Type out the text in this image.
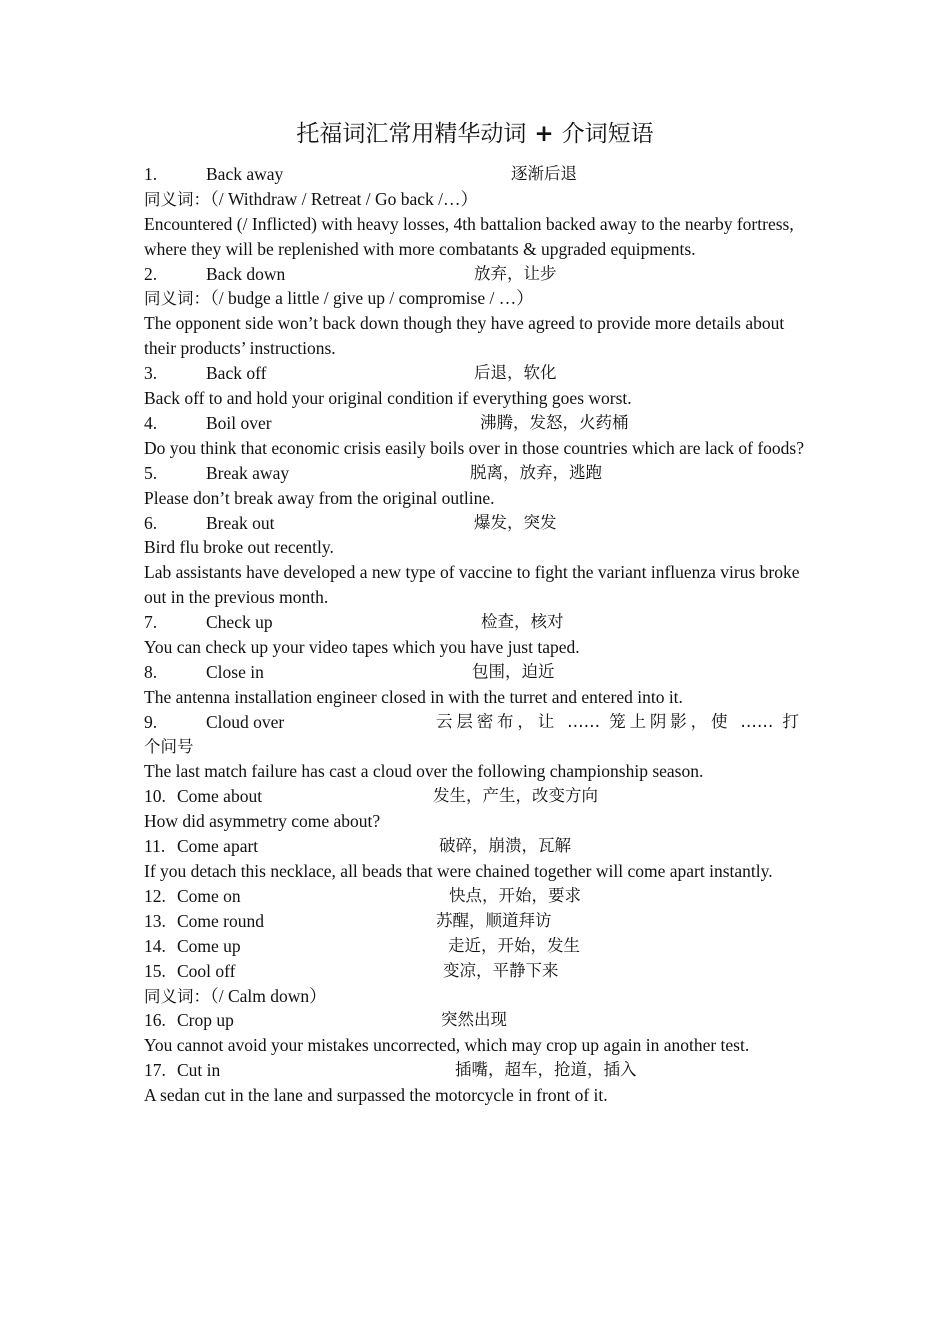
托福词汇常用精华动词 + 介词短语
1.	Back away	逐渐后退
同义词：（/ Withdraw / Retreat / Go back /…）
Encountered (/ Inflicted) with heavy losses, 4th battalion backed away to the nearby fortress, where they will be replenished with more combatants & upgraded equipments.
2.	Back down	放弃，让步
同义词：（/ budge a little / give up / compromise / …）
The opponent side won’t back down though they have agreed to provide more details about their products’ instructions.
3.	Back off	后退，软化
Back off to and hold your original condition if everything goes worst.
4.	Boil over	沸腾，发怒，火药桶
Do you think that economic crisis easily boils over in those countries which are lack of foods?
5.	Break away	脱离，放弃，逃跑
Please don’t break away from the original outline.
6.	Break out	爆发，突发
Bird flu broke out recently.
Lab assistants have developed a new type of vaccine to fight the variant influenza virus broke out in the previous month.
7.	Check up	检查，核对
You can check up your video tapes which you have just taped.
8.	Close in	包围，迫近
The antenna installation engineer closed in with the turret and entered into it.
9.	Cloud over	云层密布，让 …… 笼上阴影，使 …… 打
个问号
The last match failure has cast a cloud over the following championship season.
10. Come about	发生，产生，改变方向
How did asymmetry come about?
11. Come apart	破碎，崩溃，瓦解
If you detach this necklace, all beads that were chained together will come apart instantly.
12. Come on	快点，开始，要求
13. Come round	苏醒，顺道拜访
14. Come up	走近，开始，发生
15. Cool off	变凉，平静下来
同义词：（/ Calm down）
16. Crop up	突然出现
You cannot avoid your mistakes uncorrected, which may crop up again in another test.
17. Cut in	插嘴，超车，抢道，插入
A sedan cut in the lane and surpassed the motorcycle in front of it.
